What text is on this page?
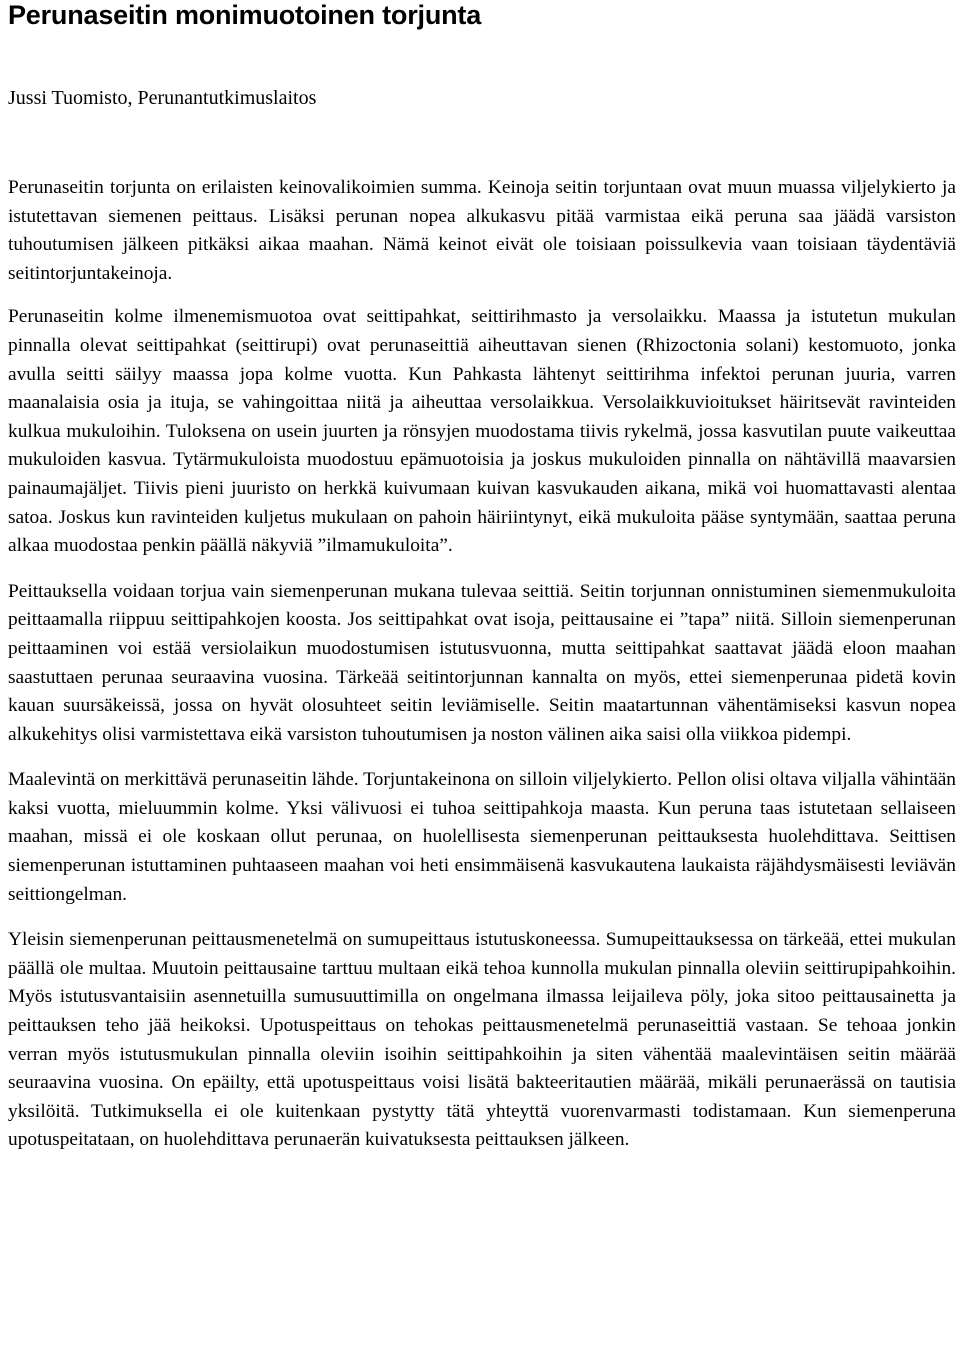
Perunaseitin monimuotoinen torjunta

Jussi Tuomisto, Perunantutkimuslaitos

Perunaseitin torjunta on erilaisten keinovalikoimien summa. Keinoja seitin torjuntaan ovat muun muassa viljelykierto ja istutettavan siemenen peittaus. Lisäksi perunan nopea alkukasvu pitää varmistaa eikä peruna saa jäädä varsiston tuhoutumisen jälkeen pitkäksi aikaa maahan. Nämä keinot eivät ole toisiaan poissulkevia vaan toisiaan täydentäviä seitintorjuntakeinoja.

Perunaseitin kolme ilmenemismuotoa ovat seittipahkat, seittirihmasto ja versolaikku. Maassa ja istutetun mukulan pinnalla olevat seittipahkat (seittirupi) ovat perunaseittiä aiheuttavan sienen (Rhizoctonia solani) kestomuoto, jonka avulla seitti säilyy maassa jopa kolme vuotta. Kun Pahkasta lähtenyt seittirihma infektoi perunan juuria, varren maanalaisia osia ja ituja, se vahingoittaa niitä ja aiheuttaa versolaikkua. Versolaikkuvioitukset häiritsevät ravinteiden kulkua mukuloihin. Tuloksena on usein juurten ja rönsyjen muodostama tiivis rykelmä, jossa kasvutilan puute vaikeuttaa mukuloiden kasvua. Tytärmukuloista muodostuu epämuotoisia ja joskus mukuloiden pinnalla on nähtävillä maavarsien painaumajäljet. Tiivis pieni juuristo on herkkä kuivumaan kuivan kasvukauden aikana, mikä voi huomattavasti alentaa satoa. Joskus kun ravinteiden kuljetus mukulaan on pahoin häiriintynyt, eikä mukuloita pääse syntymään, saattaa peruna alkaa muodostaa penkin päällä näkyviä ”ilmamukuloita”.

Peittauksella voidaan torjua vain siemenperunan mukana tulevaa seittiä. Seitin torjunnan onnistuminen siemenmukuloita peittaamalla riippuu seittipahkojen koosta. Jos seittipahkat ovat isoja, peittausaine ei ”tapa” niitä. Silloin siemenperunan peittaaminen voi estää versiolaikun muodostumisen istutusvuonna, mutta seittipahkat saattavat jäädä eloon maahan saastuttaen perunaa seuraavina vuosina. Tärkeää seitintorjunnan kannalta on myös, ettei siemenperunaa pidetä kovin kauan suursäkeissä, jossa on hyvät olosuhteet seitin leviämiselle. Seitin maatartunnan vähentämiseksi kasvun nopea alkukehitys olisi varmistettava eikä varsiston tuhoutumisen ja noston välinen aika saisi olla viikkoa pidempi.

Maalevintä on merkittävä perunaseitin lähde. Torjuntakeinona on silloin viljelykierto. Pellon olisi oltava viljalla vähintään kaksi vuotta, mieluummin kolme. Yksi välivuosi ei tuhoa seittipahkoja maasta. Kun peruna taas istutetaan sellaiseen maahan, missä ei ole koskaan ollut perunaa, on huolellisesta siemenperunan peittauksesta huolehdittava. Seittisen siemenperunan istuttaminen puhtaaseen maahan voi heti ensimmäisenä kasvukautena laukaista räjähdysmäisesti leviävän seittiongelman.

Yleisin siemenperunan peittausmenetelmä on sumupeittaus istutuskoneessa. Sumupeittauksessa on tärkeää, ettei mukulan päällä ole multaa. Muutoin peittausaine tarttuu multaan eikä tehoa kunnolla mukulan pinnalla oleviin seittirupipahkoihin. Myös istutusvantaisiin asennetuilla sumusuuttimilla on ongelmana ilmassa leijaileva pöly, joka sitoo peittausainetta ja peittauksen teho jää heikoksi. Upotuspeittaus on tehokas peittausmenetelmä perunaseittiä vastaan. Se tehoaa jonkin verran myös istutusmukulan pinnalla oleviin isoihin seittipahkoihin ja siten vähentää maalevintäisen seitin määrää seuraavina vuosina. On epäilty, että upotuspeittaus voisi lisätä bakteeritautien määrää, mikäli perunaerässä on tautisia yksilöitä. Tutkimuksella ei ole kuitenkaan pystytty tätä yhteyttä vuorenvarmasti todistamaan. Kun siemenperuna upotuspeitataan, on huolehdittava perunaerän kuivatuksesta peittauksen jälkeen.
